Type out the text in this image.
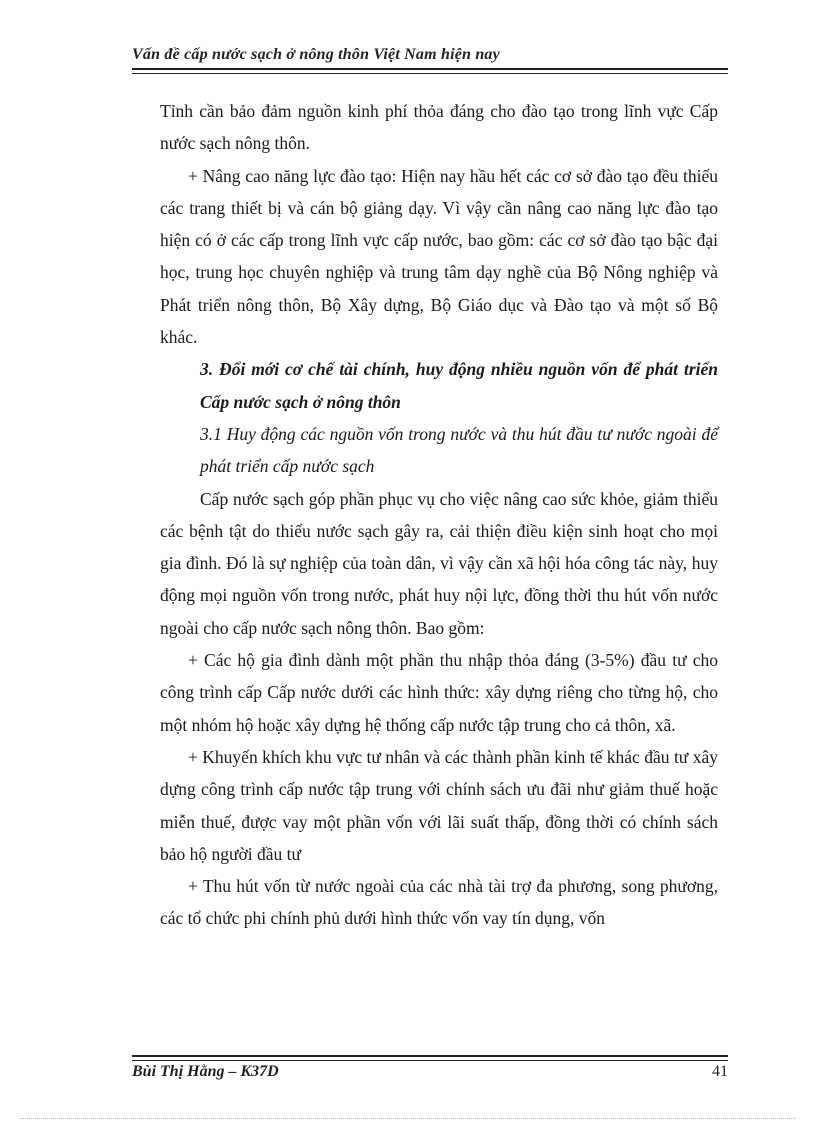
Vấn đề cấp nước sạch ở nông thôn Việt Nam hiện nay

Tỉnh cần bảo đảm nguồn kinh phí thỏa đáng cho đào tạo trong lĩnh vực Cấp nước sạch nông thôn.

+ Nâng cao năng lực đào tạo: Hiện nay hầu hết các cơ sở đào tạo đều thiếu các trang thiết bị và cán bộ giảng dạy. Vì vậy cần nâng cao năng lực đào tạo hiện có ở các cấp trong lĩnh vực cấp nước, bao gồm: các cơ sở đào tạo bậc đại học, trung học chuyên nghiệp và trung tâm dạy nghề của Bộ Nông nghiệp và Phát triển nông thôn, Bộ Xây dựng, Bộ Giáo dục và Đào tạo và một số Bộ khác.

3. Đổi mới cơ chế tài chính, huy động nhiều nguồn vốn để phát triển Cấp nước sạch ở nông thôn

3.1 Huy động các nguồn vốn trong nước và thu hút đầu tư nước ngoài để phát triển cấp nước sạch

Cấp nước sạch góp phần phục vụ cho việc nâng cao sức khỏe, giảm thiểu các bệnh tật do thiếu nước sạch gây ra, cải thiện điều kiện sinh hoạt cho mọi gia đình. Đó là sự nghiệp của toàn dân, vì vậy cần xã hội hóa công tác này, huy động mọi nguồn vốn trong nước, phát huy nội lực, đồng thời thu hút vốn nước ngoài cho cấp nước sạch nông thôn. Bao gồm:

+ Các hộ gia đình dành một phần thu nhập thỏa đáng (3-5%) đầu tư cho công trình cấp Cấp nước dưới các hình thức: xây dựng riêng cho từng hộ, cho một nhóm hộ hoặc xây dựng hệ thống cấp nước tập trung cho cả thôn, xã.

+ Khuyến khích khu vực tư nhân và các thành phần kinh tế khác đầu tư xây dựng công trình cấp nước tập trung với chính sách ưu đãi như giảm thuế hoặc miễn thuế, được vay một phần vốn với lãi suất thấp, đồng thời có chính sách bảo hộ người đầu tư

+ Thu hút vốn từ nước ngoài của các nhà tài trợ đa phương, song phương, các tổ chức phi chính phủ dưới hình thức vốn vay tín dụng, vốn

Bùi Thị Hằng – K37D	41
